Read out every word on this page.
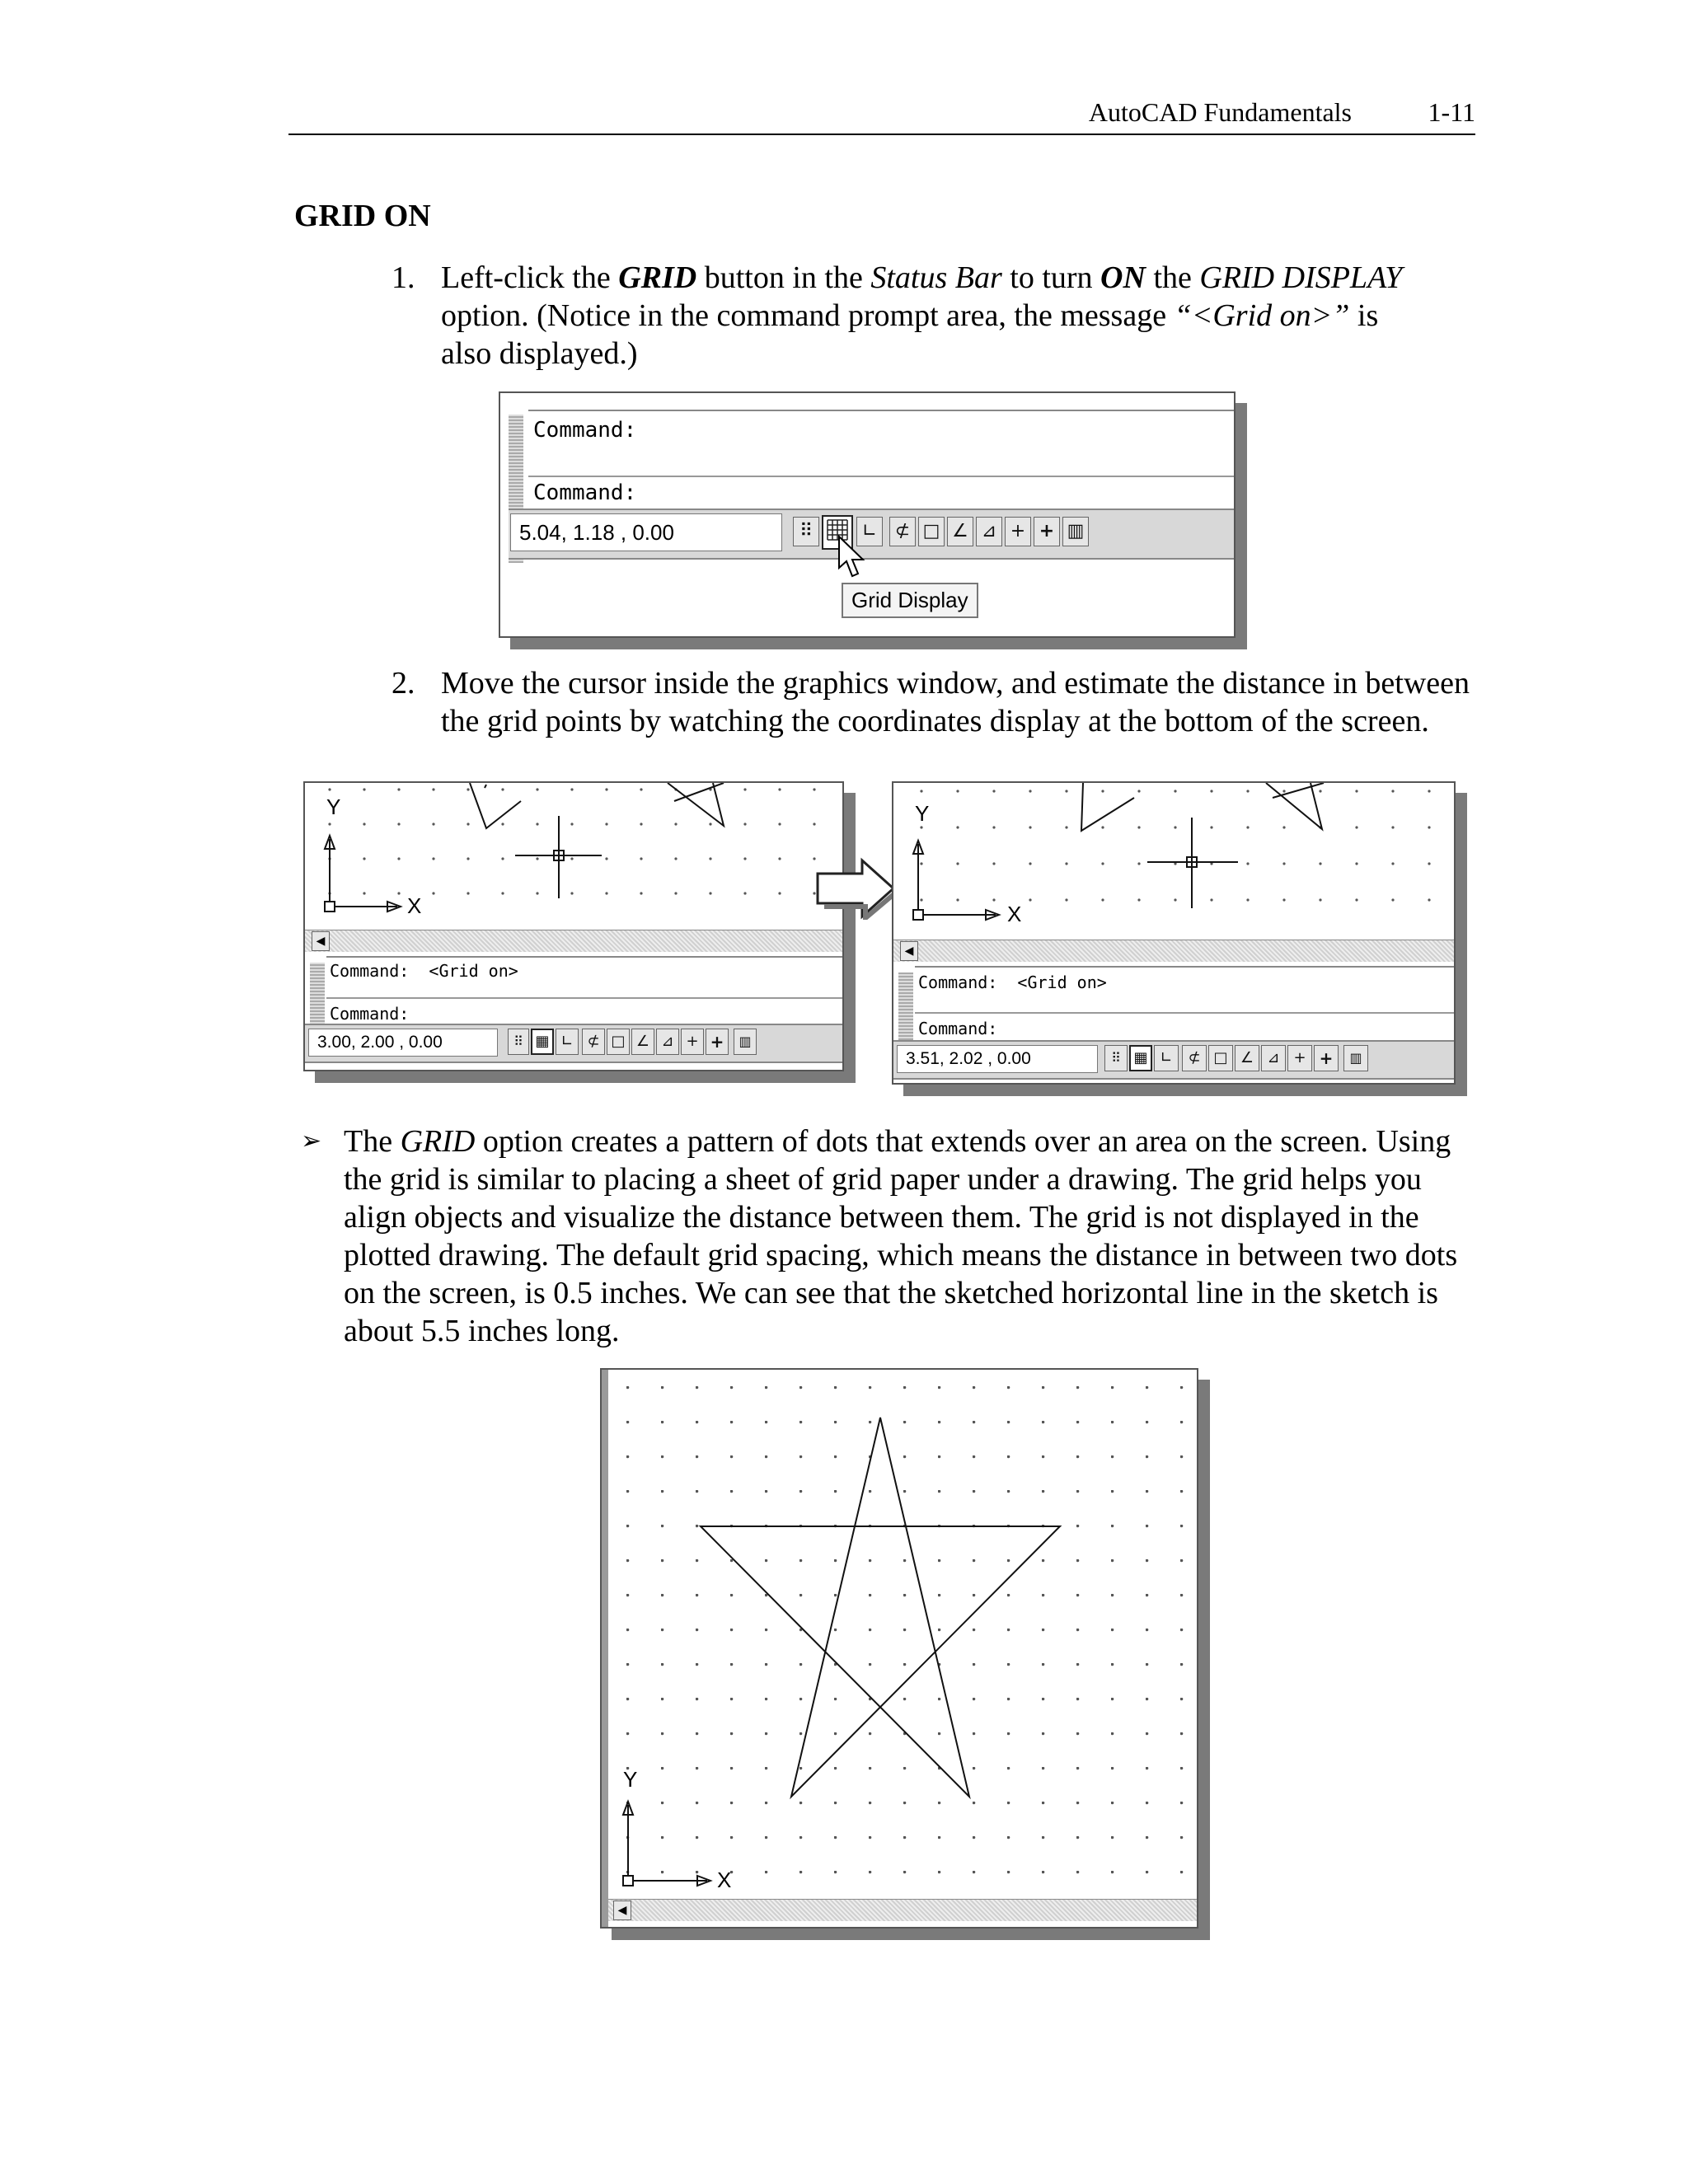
AutoCAD Fundamentals	1-11
GRID ON
1. Left-click the GRID button in the Status Bar to turn ON the GRID DISPLAY
option. (Notice in the command prompt area, the message “<Grid on>” is
also displayed.)
Command:
Command:
5.04, 1.18 , 0.00	⠿	∟ ⊄ □ ∠ ⊿ + + ▥
Grid Display
2. Move the cursor inside the graphics window, and estimate the distance in between the grid points by watching the coordinates display at the bottom of the screen.
Y
X
◀
Command:  <Grid on>
Command:
3.00, 2.00 , 0.00	⠿ ▦ ∟ ⊄ □ ∠ ⊿ + +	▥
Y
X
◀
Command:  <Grid on>
Command:
3.51, 2.02 , 0.00	⠿ ▦ ∟	⊄ □ ∠ ⊿ + +	▥
➢ The GRID option creates a pattern of dots that extends over an area on the screen. Using the grid is similar to placing a sheet of grid paper under a drawing. The grid helps you align objects and visualize the distance between them. The grid is not displayed in the plotted drawing. The default grid spacing, which means the distance in between two dots on the screen, is 0.5 inches. We can see that the sketched horizontal line in the sketch is about 5.5 inches long.
Y
X
◀
